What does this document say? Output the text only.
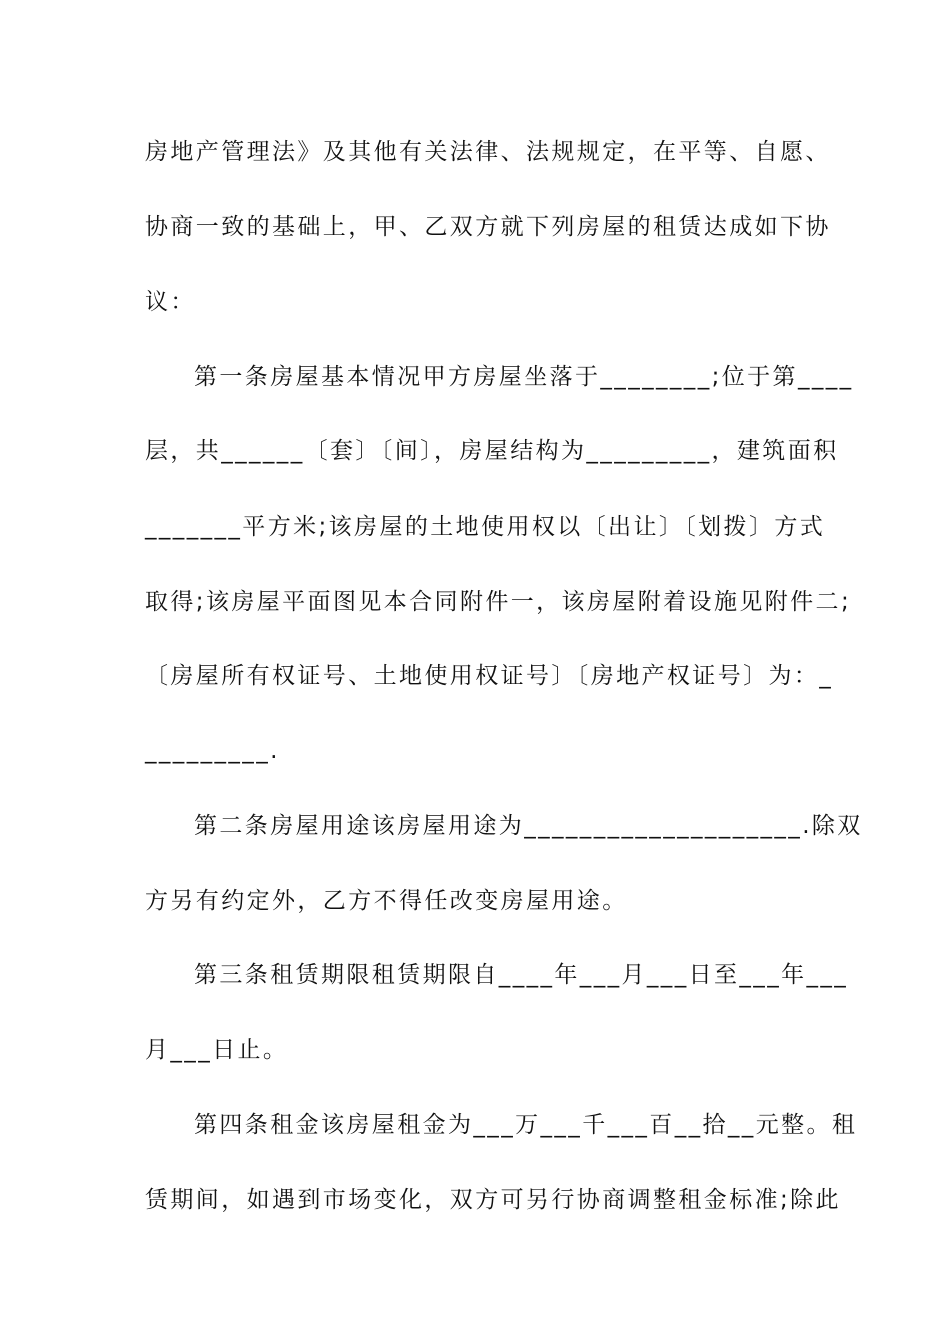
房地产管理法》及其他有关法律、法规规定，在平等、自愿、
协商一致的基础上，甲、乙双方就下列房屋的租赁达成如下协
议：
第一条房屋基本情况甲方房屋坐落于________;位于第____
层，共______〔套〕〔间〕，房屋结构为_________，建筑面积
_______平方米;该房屋的土地使用权以〔出让〕〔划拨〕方式
取得;该房屋平面图见本合同附件一，该房屋附着设施见附件二;
〔房屋所有权证号、土地使用权证号〕〔房地产权证号〕为：_
_________.
第二条房屋用途该房屋用途为____________________.除双
方另有约定外，乙方不得任改变房屋用途。
第三条租赁期限租赁期限自____年___月___日至___年___
月___日止。
第四条租金该房屋租金为___万___千___百__拾__元整。租
赁期间，如遇到市场变化，双方可另行协商调整租金标准;除此
